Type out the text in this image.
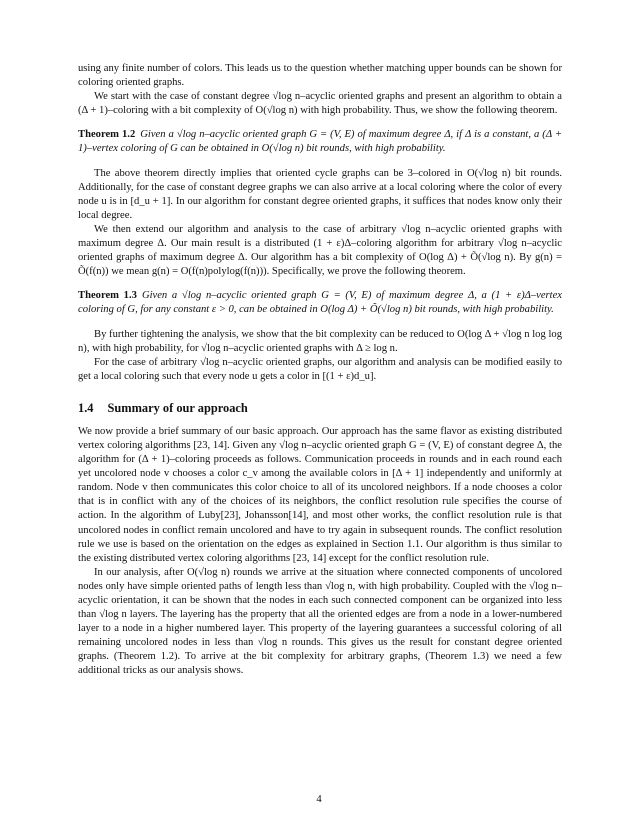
using any finite number of colors. This leads us to the question whether matching upper bounds can be shown for coloring oriented graphs.

We start with the case of constant degree √log n–acyclic oriented graphs and present an algorithm to obtain a (Δ + 1)–coloring with a bit complexity of O(√log n) with high probability. Thus, we show the following theorem.

Theorem 1.2 Given a √log n–acyclic oriented graph G = (V, E) of maximum degree Δ, if Δ is a constant, a (Δ + 1)–vertex coloring of G can be obtained in O(√log n) bit rounds, with high probability.

The above theorem directly implies that oriented cycle graphs can be 3–colored in O(√log n) bit rounds. Additionally, for the case of constant degree graphs we can also arrive at a local coloring where the color of every node u is in [d_u + 1]. In our algorithm for constant degree oriented graphs, it suffices that nodes know only their local degree.

We then extend our algorithm and analysis to the case of arbitrary √log n–acyclic oriented graphs with maximum degree Δ. Our main result is a distributed (1 + ε)Δ–coloring algorithm for arbitrary √log n–acyclic oriented graphs of maximum degree Δ. Our algorithm has a bit complexity of O(log Δ) + Õ(√log n). By g(n) = Õ(f(n)) we mean g(n) = O(f(n)polylog(f(n))). Specifically, we prove the following theorem.

Theorem 1.3 Given a √log n–acyclic oriented graph G = (V, E) of maximum degree Δ, a (1 + ε)Δ–vertex coloring of G, for any constant ε > 0, can be obtained in O(log Δ) + Õ(√log n) bit rounds, with high probability.

By further tightening the analysis, we show that the bit complexity can be reduced to O(log Δ + √log n log log n), with high probability, for √log n–acyclic oriented graphs with Δ ≥ log n.

For the case of arbitrary √log n–acyclic oriented graphs, our algorithm and analysis can be modified easily to get a local coloring such that every node u gets a color in [(1 + ε)d_u].

1.4 Summary of our approach

We now provide a brief summary of our basic approach. Our approach has the same flavor as existing distributed vertex coloring algorithms [23, 14]. Given any √log n–acyclic oriented graph G = (V, E) of constant degree Δ, the algorithm for (Δ + 1)–coloring proceeds as follows. Communication proceeds in rounds and in each round each yet uncolored node v chooses a color c_v among the available colors in [Δ + 1] independently and uniformly at random. Node v then communicates this color choice to all of its uncolored neighbors. If a node chooses a color that is in conflict with any of the choices of its neighbors, the conflict resolution rule specifies the course of action. In the algorithm of Luby[23], Johansson[14], and most other works, the conflict resolution rule is that uncolored nodes in conflict remain uncolored and have to try again in subsequent rounds. The conflict resolution rule we use is based on the orientation on the edges as explained in Section 1.1. Our algorithm is thus similar to the existing distributed vertex coloring algorithms [23, 14] except for the conflict resolution rule.

In our analysis, after O(√log n) rounds we arrive at the situation where connected components of uncolored nodes only have simple oriented paths of length less than √log n, with high probability. Coupled with the √log n–acyclic orientation, it can be shown that the nodes in each such connected component can be organized into less than √log n layers. The layering has the property that all the oriented edges are from a node in a lower-numbered layer to a node in a higher numbered layer. This property of the layering guarantees a successful coloring of all remaining uncolored nodes in less than √log n rounds. This gives us the result for constant degree oriented graphs. (Theorem 1.2). To arrive at the bit complexity for arbitrary graphs, (Theorem 1.3) we need a few additional tricks as our analysis shows.

4
